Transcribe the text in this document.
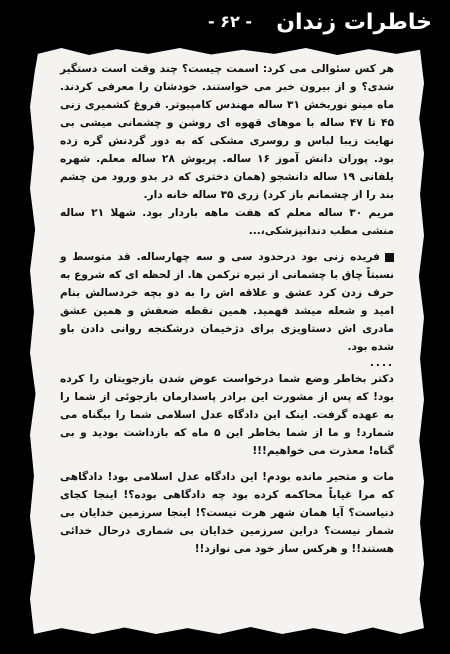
خاطرات زندان
- ۶۲ -

هر کس سئوالی می کرد: اسمت چیست؟ چند وقت است دستگیر شدی؟ و از بیرون خبر می خواستند. خودشان را معرفی کردند. ماه مینو نوربخش ۳۱ ساله مهندس کامپیوتر. فروغ کشمیری زنی ۴۵ تا ۴۷ ساله با موهای قهوه ای روشن و چشمانی میشی بی نهایت زیبا لباس و روسری مشکی که به دور گردنش گره زده بود. پوران دانش آموز ۱۶ ساله. پریوش ۲۸ ساله معلم. شهره یلفانی ۱۹ ساله دانشجو (همان دختری که در بدو ورود من چشم بند را از چشمانم باز کرد) زری ۳۵ ساله خانه دار.

مریم ۳۰ ساله معلم که هفت ماهه باردار بود. شهلا ۲۱ ساله منشی مطب دندانپزشکی،...

فریده زنی بود درحدود سی و سه چهارساله. قد متوسط و نسبتاً چاق با چشمانی از تیره ترکمن ها. از لحظه ای که شروع به حرف زدن کرد عشق و علاقه اش را به دو بچه خردسالش بنام امید و شعله میشد فهمید. همین نقطه ضعفش و همین عشق مادری اش دستاویزی برای دژخیمان درشکنجه روانی دادن باو شده بود.

....

دکتر بخاطر وضع شما درخواست عوض شدن بازجویتان را کرده بود! که پس از مشورت این برادر پاسدارمان بازجوئی از شما را به عهده گرفت. اینک این دادگاه عدل اسلامی شما را بیگناه می شمارد! و ما از شما بخاطر این ۵ ماه که بازداشت بودید و بی گناه! معذرت می خواهیم!!!

مات و متحیر مانده بودم! این دادگاه عدل اسلامی بود! دادگاهی که مرا غیاباً محاکمه کرده بود چه دادگاهی بوده؟! اینجا کجای دنیاست؟ آیا همان شهر هرت نیست؟! اینجا سرزمین خدایان بی شمار نیست؟ دراین سرزمین خدایان بی شماری درحال خدائی هستند!! و هرکس ساز خود می نوازد!!
